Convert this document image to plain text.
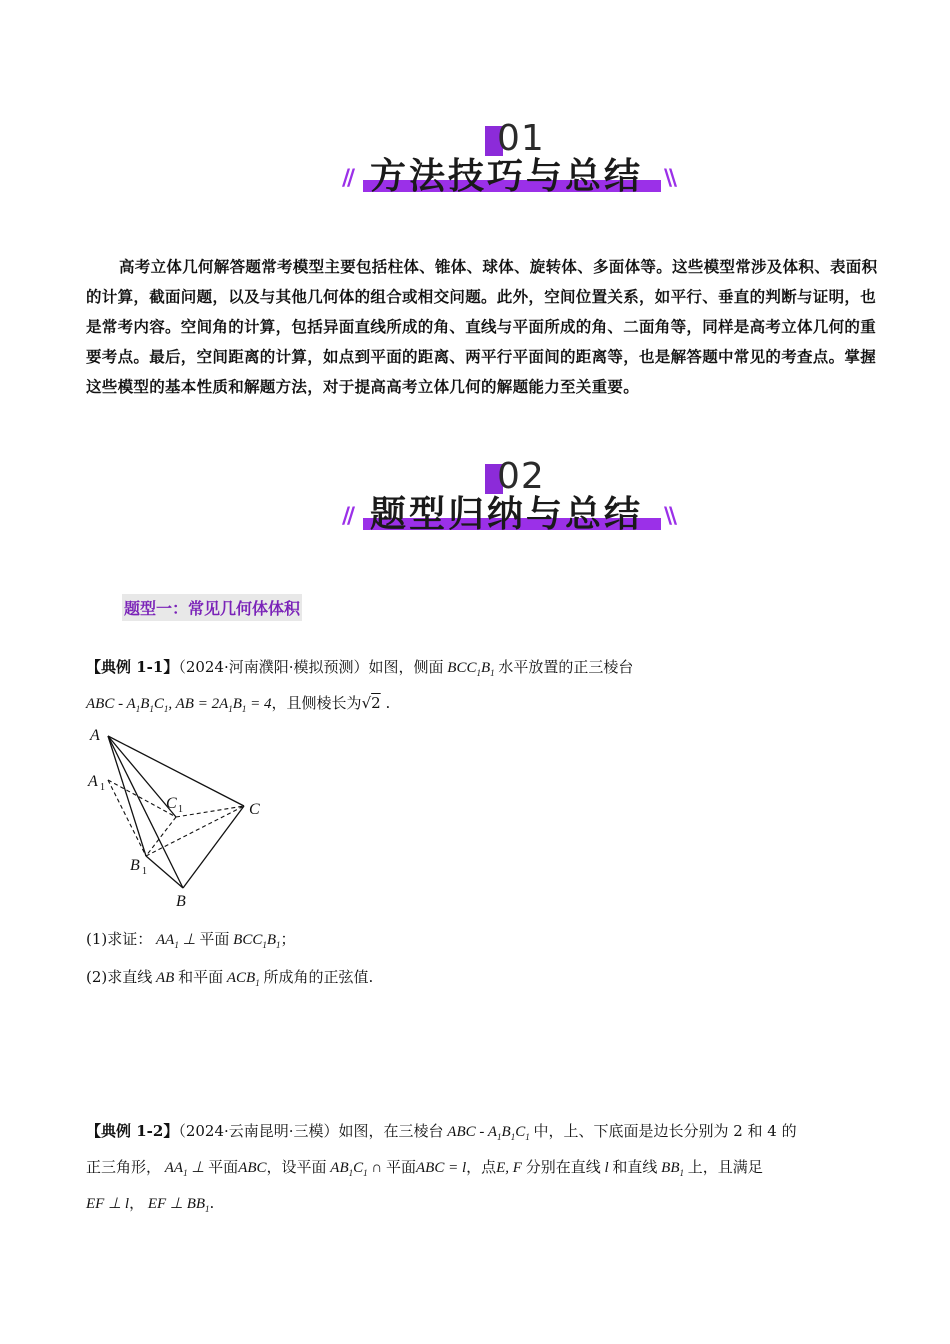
01
方法技巧与总结
//	\\
高考立体几何解答题常考模型主要包括柱体、锥体、球体、旋转体、多面体等。这些模型常涉及体积、表面积的计算，截面问题，以及与其他几何体的组合或相交问题。此外，空间位置关系，如平行、垂直的判断与证明，也是常考内容。空间角的计算，包括异面直线所成的角、直线与平面所成的角、二面角等，同样是高考立体几何的重要考点。最后，空间距离的计算，如点到平面的距离、两平行平面间的距离等，也是解答题中常见的考查点。掌握这些模型的基本性质和解题方法，对于提高高考立体几何的解题能力至关重要。
02
题型归纳与总结
//	\\
题型一：常见几何体体积
【典例 1-1】（2024·河南濮阳·模拟预测）如图，侧面 $BCC_1B_1$ 水平放置的正三棱台
ABC - $A_1B_1C_1$, AB = $2A_1B_1 = 4$，且侧棱长为√2 .
A
A 1
C 1	C
B 1
B
(1)求证： $AA_1$ ⊥ 平面 $BCC_1B_1$；
(2)求直线 AB 和平面 $ACB_1$ 所成角的正弦值.
【典例 1-2】（2024·云南昆明·三模）如图，在三棱台 ABC - $A_1B_1C_1$ 中，上、下底面是边长分别为 2 和 4 的
正三角形， $AA_1$ ⊥ 平面ABC，设平面 $AB_1C_1$ ∩ 平面ABC = l，点E, F 分别在直线 l 和直线 $BB_1$ 上，且满足
EF ⊥ l， EF ⊥ $BB_1$.
